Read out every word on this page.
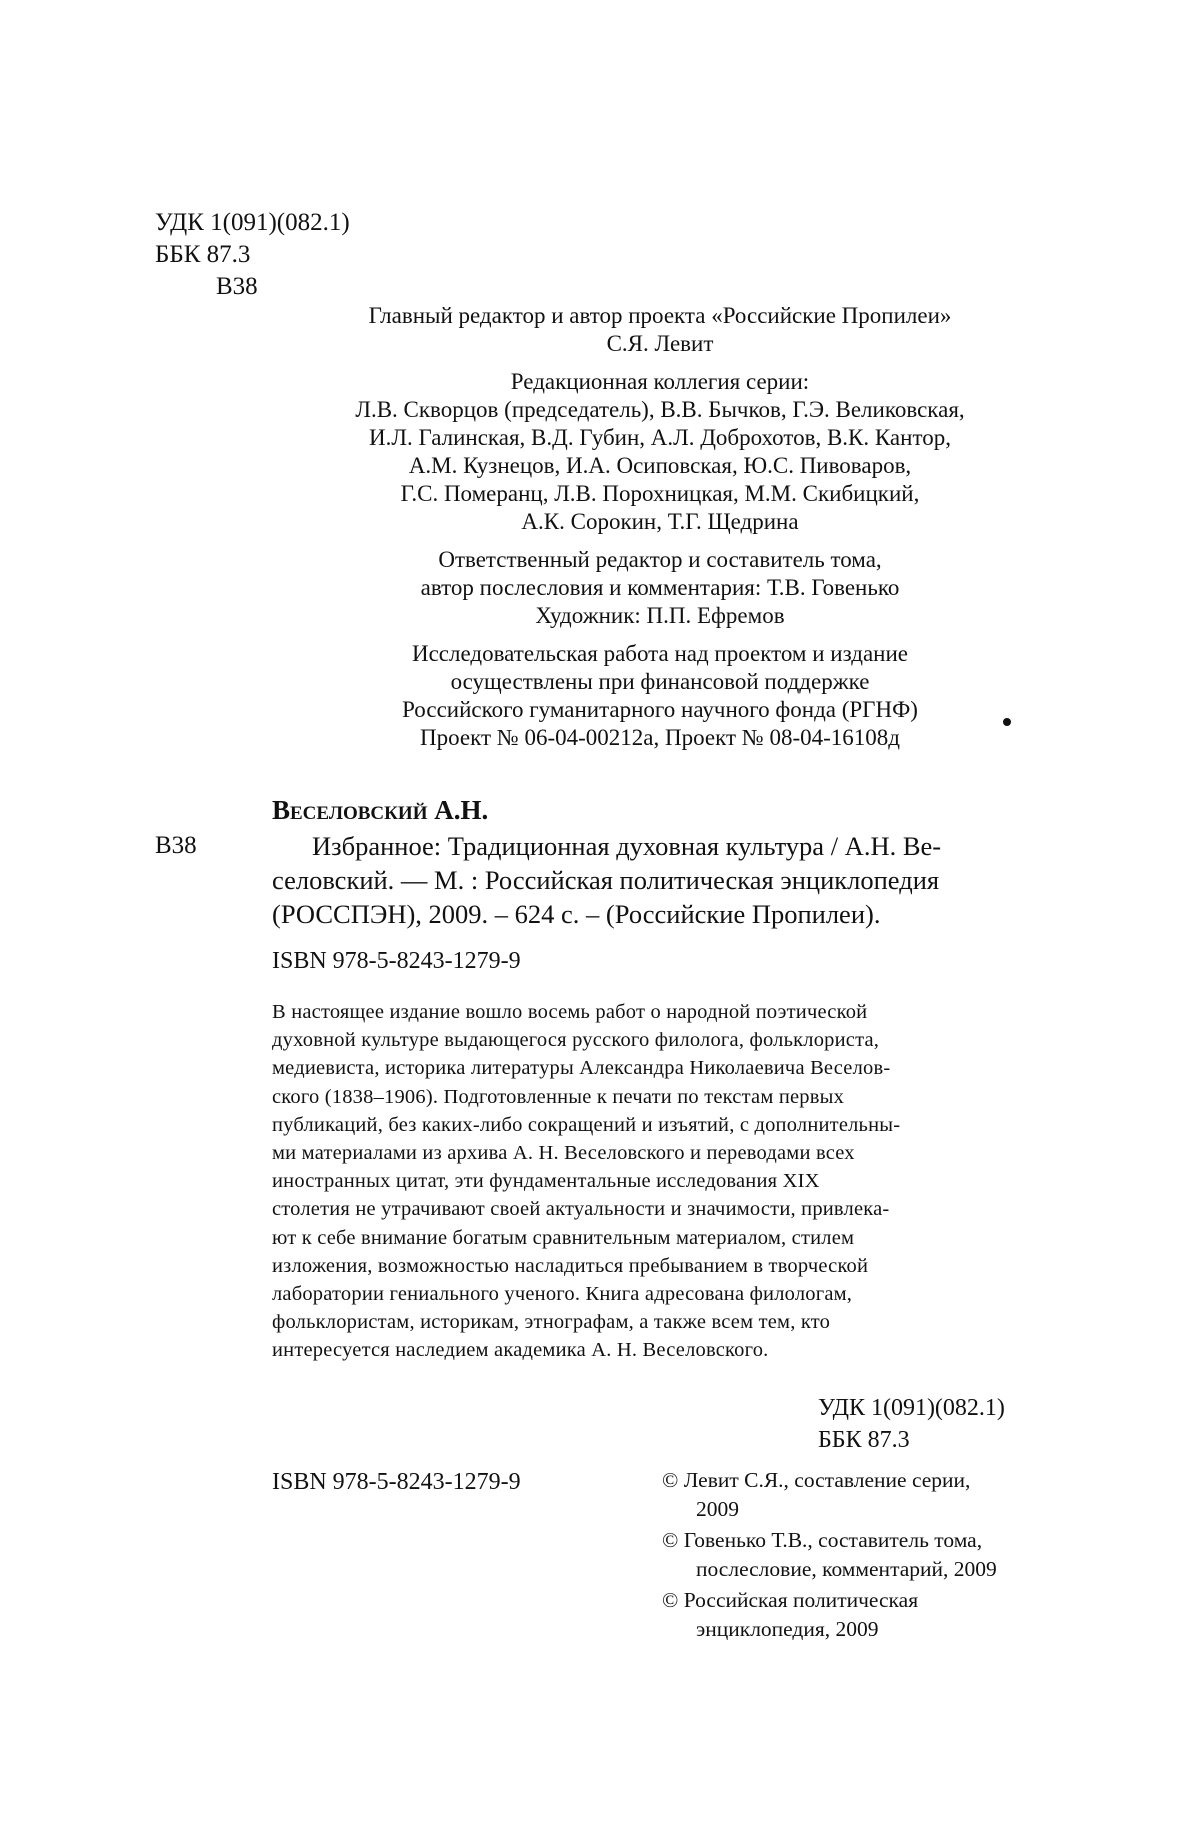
УДК 1(091)(082.1)
ББК 87.3
В38
Главный редактор и автор проекта «Российские Пропилеи»
С.Я. Левит
Редакционная коллегия серии:
Л.В. Скворцов (председатель), В.В. Бычков, Г.Э. Великовская,
И.Л. Галинская, В.Д. Губин, А.Л. Доброхотов, В.К. Кантор,
А.М. Кузнецов, И.А. Осиповская, Ю.С. Пивоваров,
Г.С. Померанц, Л.В. Порохницкая, М.М. Скибицкий,
А.К. Сорокин, Т.Г. Щедрина
Ответственный редактор и составитель тома,
автор послесловия и комментария: Т.В. Говенько
Художник: П.П. Ефремов
Исследовательская работа над проектом и издание
осуществлены при финансовой поддержке
Российского гуманитарного научного фонда (РГНФ)
Проект № 06-04-00212а, Проект № 08-04-16108д
Веселовский А.Н.
В38	Избранное: Традиционная духовная культура / А.Н. Ве-
селовский. — М. : Российская политическая энциклопедия
(РОССПЭН), 2009. – 624 с. – (Российские Пропилеи).
ISBN 978-5-8243-1279-9
В настоящее издание вошло восемь работ о народной поэтической
духовной культуре выдающегося русского филолога, фольклориста,
медиевиста, историка литературы Александра Николаевича Веселов-
ского (1838–1906). Подготовленные к печати по текстам первых
публикаций, без каких-либо сокращений и изъятий, с дополнительны-
ми материалами из архива А. Н. Веселовского и переводами всех
иностранных цитат, эти фундаментальные исследования XIX
столетия не утрачивают своей актуальности и значимости, привлека-
ют к себе внимание богатым сравнительным материалом, стилем
изложения, возможностью насладиться пребыванием в творческой
лаборатории гениального ученого. Книга адресована филологам,
фольклористам, историкам, этнографам, а также всем тем, кто
интересуется наследием академика А. Н. Веселовского.
УДК 1(091)(082.1)
ББК 87.3
ISBN 978-5-8243-1279-9	© Левит С.Я., составление серии,
2009
© Говенько Т.В., составитель тома,
послесловие, комментарий, 2009
© Российская политическая
энциклопедия, 2009
